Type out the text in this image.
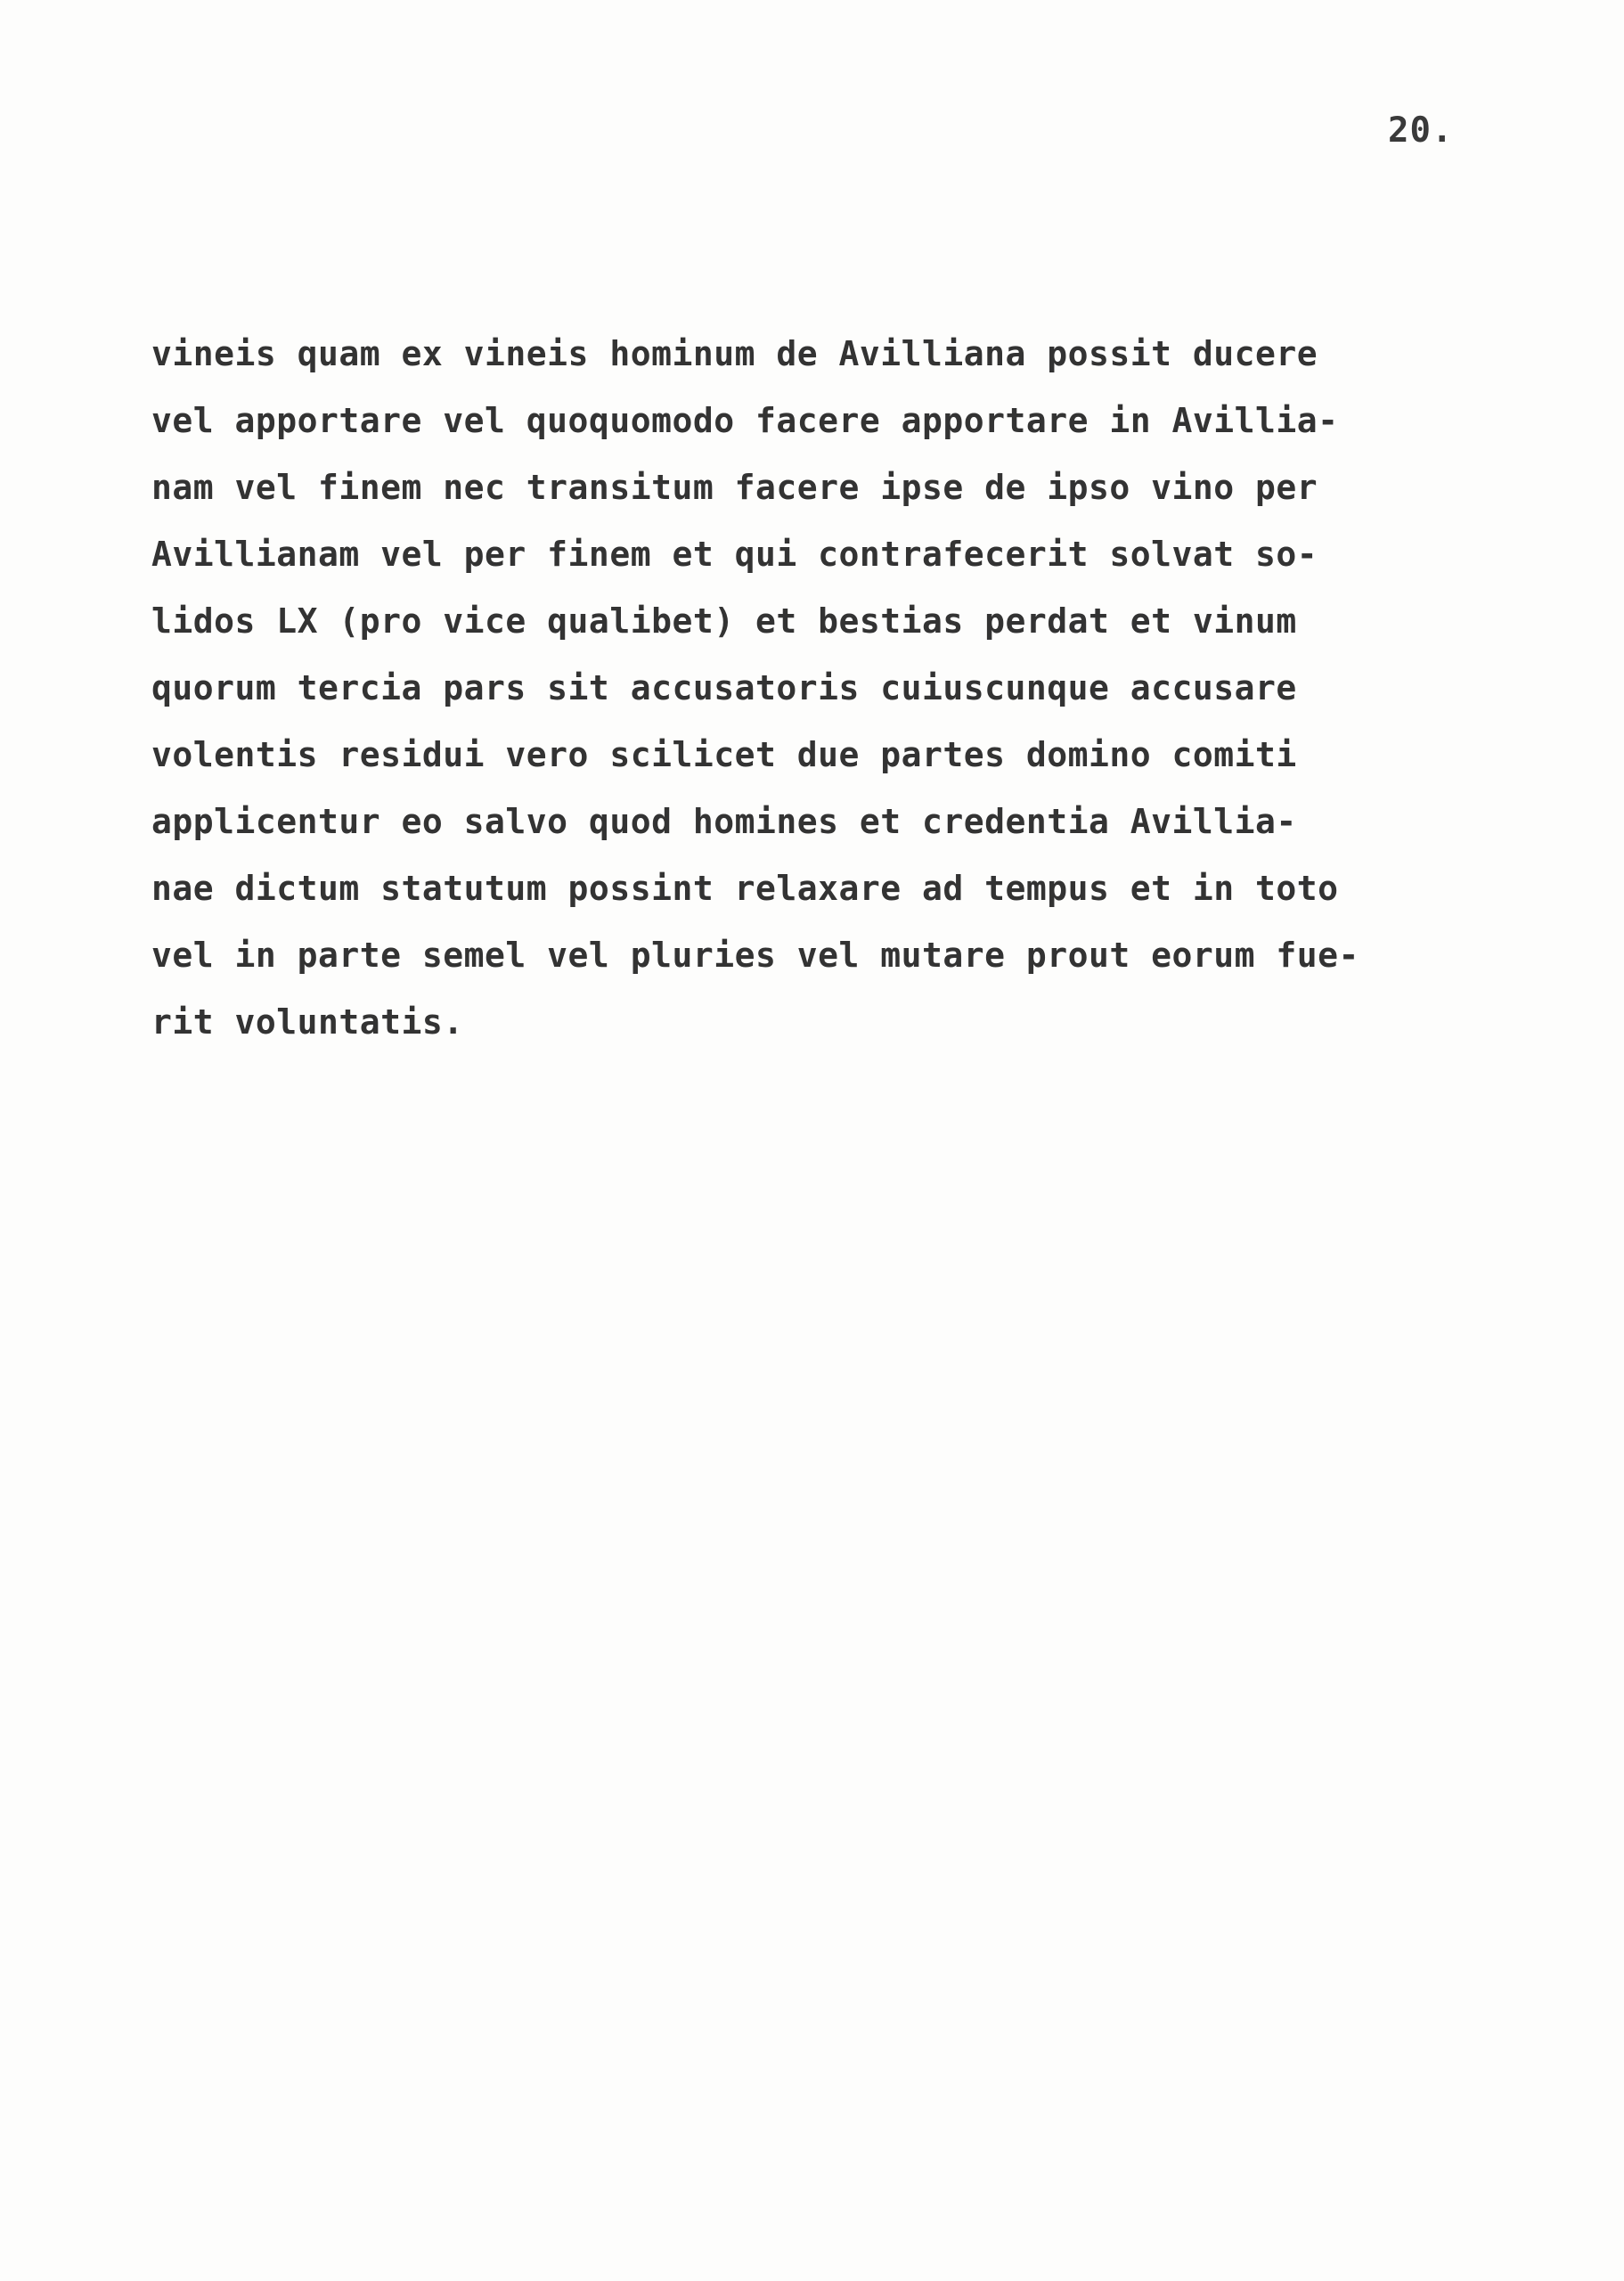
20.
vineis quam ex vineis hominum de Avilliana possit ducere
vel apportare vel quoquomodo facere apportare in Avillia-
nam vel finem nec transitum facere ipse de ipso vino per
Avillianam vel per finem et qui contrafecerit solvat so-
lidos LX (pro vice qualibet) et bestias perdat et vinum
quorum tercia pars sit accusatoris cuiuscunque accusare
volentis residui vero scilicet due partes domino comiti
applicentur eo salvo quod homines et credentia Avillia-
nae dictum statutum possint relaxare ad tempus et in toto
vel in parte semel vel pluries vel mutare prout eorum fue-
rit voluntatis.
